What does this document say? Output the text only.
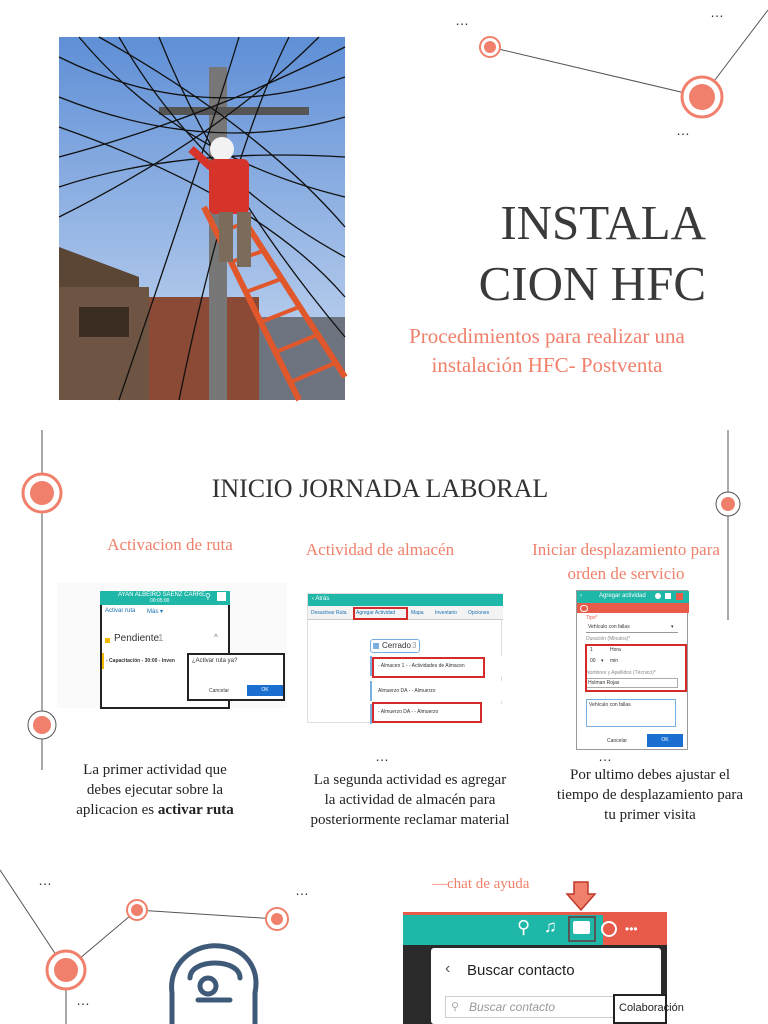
…	…
…
INSTALA
CION HFC
Procedimientos para realizar una
instalación HFC- Postventa
INICIO JORNADA LABORAL
Activacion de ruta
AYAN ALBEIRO SAENZ CARRE
00:05:00	⚲
Activar ruta Más ▾
Pendiente
1	^
- Capacitación - 30:00 - Inven	¿Activar ruta ya?
Cancelar	OK
La primer actividad que
debes ejecutar sobre la
aplicacion es activar ruta
Actividad de almacén
‹ Atrás
Desactivar Ruta Agregar Actividad	Mapa Inventario Opciones
Cerrado 3
- Almacen 1 - - Actividades de Almacen
Almuerzo DA - - Almuerzo
- Almuerzo DA - - Almuerzo
…
La segunda actividad es agregar
la actividad de almacén para
posteriormente reclamar material
Iniciar desplazamiento para
orden de servicio
‹	Agregar actividad
Tipo*
Vehículo con fallas	▾
Duración (Minutos)*
1	Hora
00 ▾ min
Nombres y Apellidos (Técnico)*
Holman Rojas
Vehículo con fallas
Cancelar	OK
…
Por ultimo debes ajustar el
tiempo de desplazamiento para
tu primer visita
…
…
…
—chat de ayuda
⚲ ♫	•••
‹ Buscar contacto
⚲ Buscar contacto	Colaboración
